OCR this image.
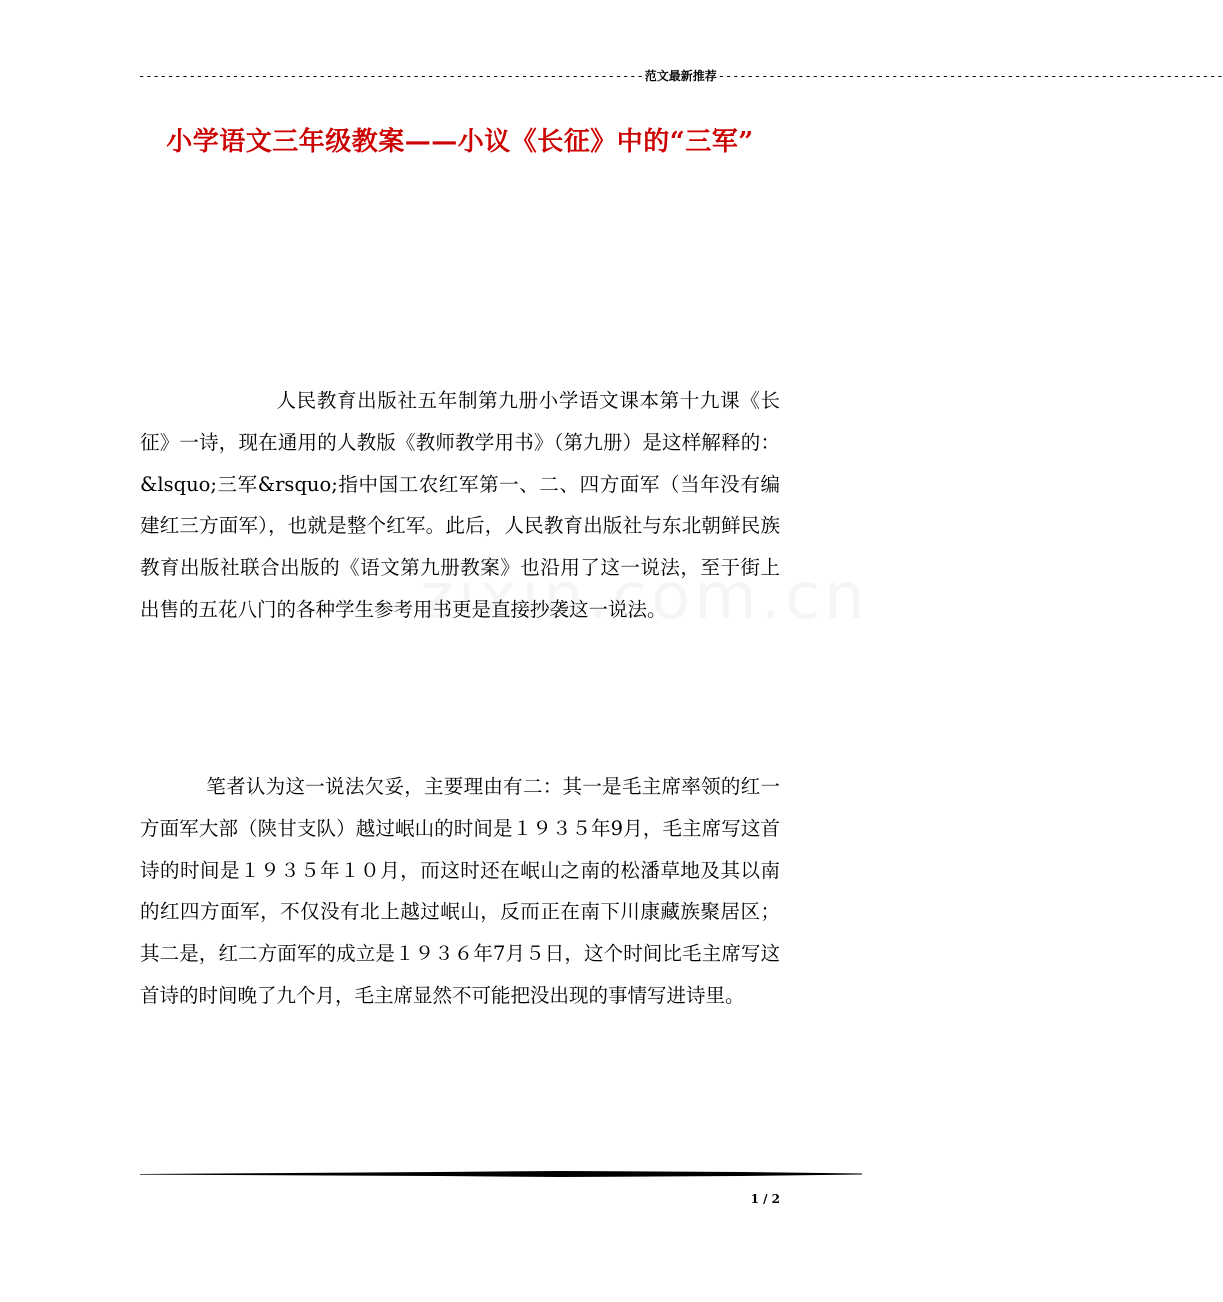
---------------------------------------------------------------------- 范文最新推荐 ----------------------------------------------------------------------
小学语文三年级教案——小议《长征》中的“三军”

人民教育出版社五年制第九册小学语文课本第十九课《长征》一诗，现在通用的人教版《教师教学用书》（第九册）是这样解释的：&lsquo;三军&rsquo;指中国工农红军第一、二、四方面军（当年没有编建红三方面军），也就是整个红军。此后，人民教育出版社与东北朝鲜民族教育出版社联合出版的《语文第九册教案》也沿用了这一说法，至于街上出售的五花八门的各种学生参考用书更是直接抄袭这一说法。

笔者认为这一说法欠妥，主要理由有二：其一是毛主席率领的红一方面军大部（陕甘支队）越过岷山的时间是１９３５年9月，毛主席写这首诗的时间是１９３５年１０月，而这时还在岷山之南的松潘草地及其以南的红四方面军，不仅没有北上越过岷山，反而正在南下川康藏族聚居区；其二是，红二方面军的成立是１９３６年7月５日，这个时间比毛主席写这首诗的时间晚了九个月，毛主席显然不可能把没出现的事情写进诗里。

1 / 2
